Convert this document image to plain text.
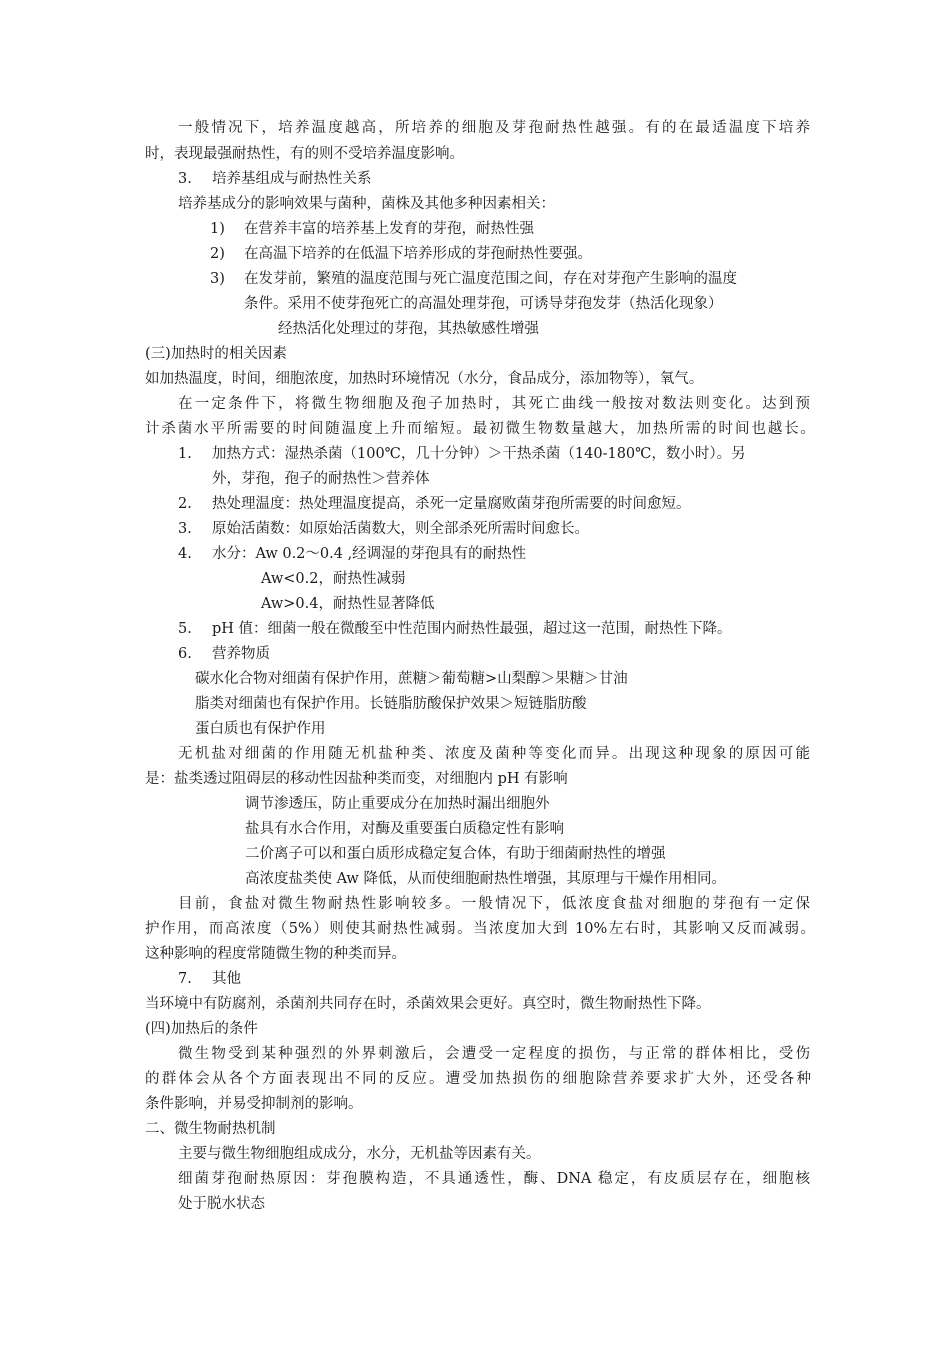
一般情况下，培养温度越高，所培养的细胞及芽孢耐热性越强。有的在最适温度下培养
时，表现最强耐热性，有的则不受培养温度影响。
3. 培养基组成与耐热性关系
培养基成分的影响效果与菌种，菌株及其他多种因素相关：
1) 在营养丰富的培养基上发育的芽孢，耐热性强
2) 在高温下培养的在低温下培养形成的芽孢耐热性要强。
3) 在发芽前，繁殖的温度范围与死亡温度范围之间，存在对芽孢产生影响的温度
条件。采用不使芽孢死亡的高温处理芽孢，可诱导芽孢发芽（热活化现象）
经热活化处理过的芽孢，其热敏感性增强
(三)加热时的相关因素
如加热温度，时间，细胞浓度，加热时环境情况（水分，食品成分，添加物等），氧气。
在一定条件下，将微生物细胞及孢子加热时，其死亡曲线一般按对数法则变化。达到预
计杀菌水平所需要的时间随温度上升而缩短。最初微生物数量越大，加热所需的时间也越长。
1. 加热方式：湿热杀菌（100℃，几十分钟）＞干热杀菌（140-180℃，数小时）。另
外，芽孢，孢子的耐热性＞营养体
2. 热处理温度：热处理温度提高，杀死一定量腐败菌芽孢所需要的时间愈短。
3. 原始活菌数：如原始活菌数大，则全部杀死所需时间愈长。
4. 水分：Aw 0.2～0.4 ,经调湿的芽孢具有的耐热性
Aw<0.2，耐热性减弱
Aw>0.4，耐热性显著降低
5. pH 值：细菌一般在微酸至中性范围内耐热性最强，超过这一范围，耐热性下降。
6. 营养物质
碳水化合物对细菌有保护作用，蔗糖＞葡萄糖>山梨醇＞果糖＞甘油
脂类对细菌也有保护作用。长链脂肪酸保护效果＞短链脂肪酸
蛋白质也有保护作用
无机盐对细菌的作用随无机盐种类、浓度及菌种等变化而异。出现这种现象的原因可能
是：盐类透过阻碍层的移动性因盐种类而变，对细胞内 pH 有影响
调节渗透压，防止重要成分在加热时漏出细胞外
盐具有水合作用，对酶及重要蛋白质稳定性有影响
二价离子可以和蛋白质形成稳定复合体，有助于细菌耐热性的增强
高浓度盐类使 Aw 降低，从而使细胞耐热性增强，其原理与干燥作用相同。
目前，食盐对微生物耐热性影响较多。一般情况下，低浓度食盐对细胞的芽孢有一定保
护作用，而高浓度（5%）则使其耐热性减弱。当浓度加大到 10%左右时，其影响又反而减弱。
这种影响的程度常随微生物的种类而异。
7. 其他
当环境中有防腐剂，杀菌剂共同存在时，杀菌效果会更好。真空时，微生物耐热性下降。
(四)加热后的条件
微生物受到某种强烈的外界刺激后，会遭受一定程度的损伤，与正常的群体相比，受伤
的群体会从各个方面表现出不同的反应。遭受加热损伤的细胞除营养要求扩大外，还受各种
条件影响，并易受抑制剂的影响。
二、微生物耐热机制
主要与微生物细胞组成成分，水分，无机盐等因素有关。
细菌芽孢耐热原因：芽孢膜构造，不具通透性，酶、DNA 稳定，有皮质层存在，细胞核
处于脱水状态
